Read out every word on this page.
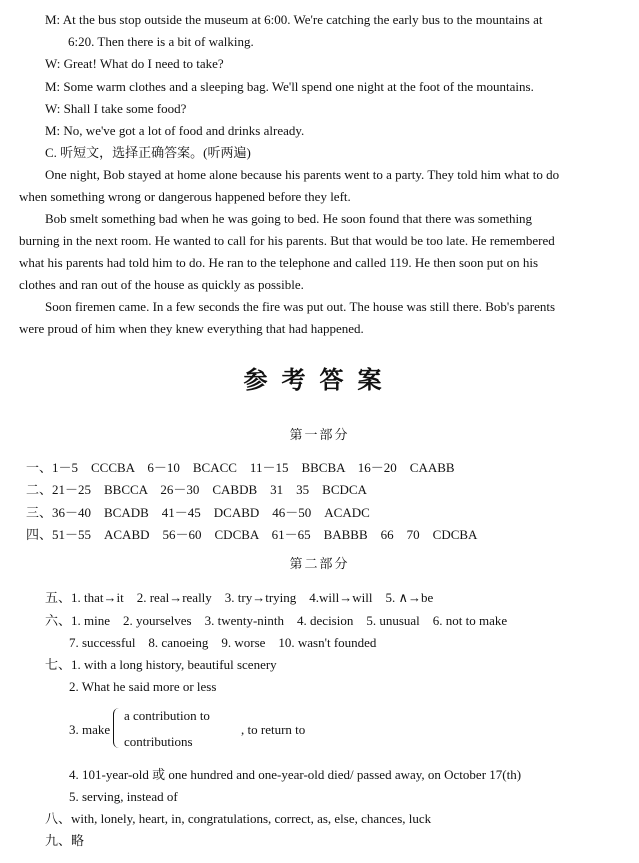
M: At the bus stop outside the museum at 6:00. We're catching the early bus to the mountains at
6:20. Then there is a bit of walking.
W: Great! What do I need to take?
M: Some warm clothes and a sleeping bag. We'll spend one night at the foot of the mountains.
W: Shall I take some food?
M: No, we've got a lot of food and drinks already.
C. 听短文，选择正确答案。(听两遍)
One night, Bob stayed at home alone because his parents went to a party. They told him what to do
when something wrong or dangerous happened before they left.
Bob smelt something bad when he was going to bed. He soon found that there was something
burning in the next room. He wanted to call for his parents. But that would be too late. He remembered
what his parents had told him to do. He ran to the telephone and called 119. He then soon put on his
clothes and ran out of the house as quickly as possible.
Soon firemen came. In a few seconds the fire was put out. The house was still there. Bob's parents
were proud of him when they knew everything that had happened.
参考答案
第一部分
一、1－5　CCCBA　6－10　BCACC　11－15　BBCBA　16－20　CAABB
二、21－25　BBCCA　26－30　CABDB　31　35　BCDCA
三、36－40　BCADB　41－45　DCABD　46－50　ACADC
四、51－55　ACABD　56－60　CDCBA　61－65　BABBB　66　70　CDCBA
第二部分
五、1. that→it　2. real→really　3. try→trying　4.will→will　5. ∧→be
六、1. mine　2. yourselves　3. twenty-ninth　4. decision　5. unusual　6. not to make
7. successful　8. canoeing　9. worse　10. wasn't founded
七、1. with a long history, beautiful scenery
2. What he said more or less
3. make
a contribution to
contributions
, to return to
4. 101-year-old 或 one hundred and one-year-old died/ passed away, on October 17(th)
5. serving, instead of
八、with, lonely, heart, in, congratulations, correct, as, else, chances, luck
九、略
